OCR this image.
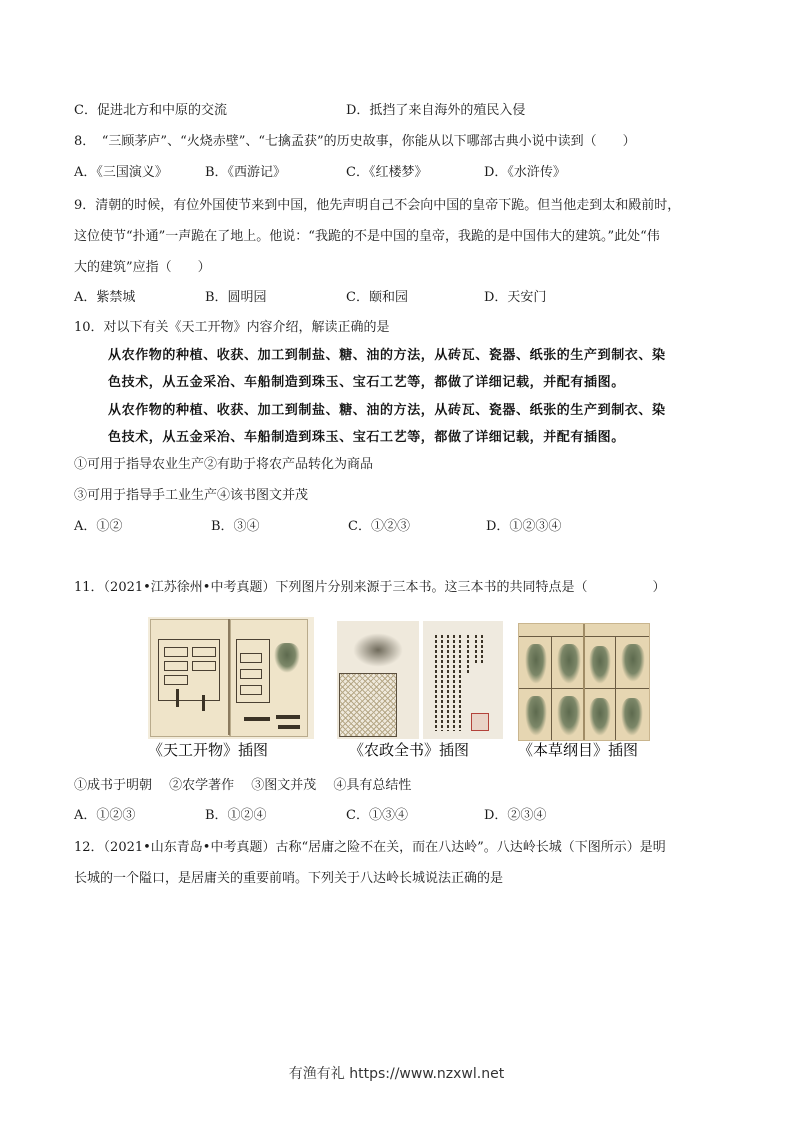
C．促进北方和中原的交流	D．抵挡了来自海外的殖民入侵
8．　“三顾茅庐”、“火烧赤壁”、“七擒孟获”的历史故事，你能从以下哪部古典小说中读到（　　）
A．《三国演义》	B．《西游记》	C．《红楼梦》	D．《水浒传》
9．清朝的时候，有位外国使节来到中国，他先声明自己不会向中国的皇帝下跪。但当他走到太和殿前时，
这位使节“扑通”一声跪在了地上。他说：“我跪的不是中国的皇帝，我跪的是中国伟大的建筑。”此处“伟
大的建筑”应指（　　）
A．紫禁城	B．圆明园	C．颐和园	D．天安门
10．对以下有关《天工开物》内容介绍，解读正确的是
从农作物的种植、收获、加工到制盐、糖、油的方法，从砖瓦、瓷器、纸张的生产到制衣、染
色技术，从五金采冶、车船制造到珠玉、宝石工艺等，都做了详细记载，并配有插图。
从农作物的种植、收获、加工到制盐、糖、油的方法，从砖瓦、瓷器、纸张的生产到制衣、染
色技术，从五金采冶、车船制造到珠玉、宝石工艺等，都做了详细记载，并配有插图。
①可用于指导农业生产②有助于将农产品转化为商品
③可用于指导手工业生产④该书图文并茂
A．①②	B．③④	C．①②③	D．①②③④
11．（2021•江苏徐州•中考真题）下列图片分别来源于三本书。这三本书的共同特点是（　　　　　）
《天工开物》插图	《农政全书》插图	《本草纲目》插图
①成书于明朝　 ②农学著作　 ③图文并茂　 ④具有总结性
A．①②③	B．①②④	C．①③④	D．②③④
12．（2021•山东青岛•中考真题）古称“居庸之险不在关，而在八达岭”。八达岭长城（下图所示）是明
长城的一个隘口，是居庸关的重要前哨。下列关于八达岭长城说法正确的是
有渔有礼 https://www.nzxwl.net
